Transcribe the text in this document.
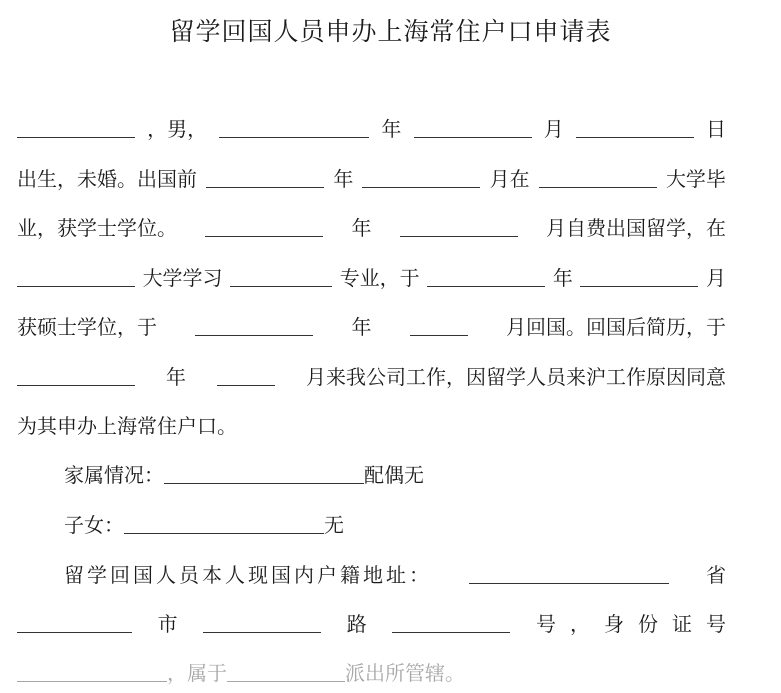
留学回国人员申办上海常住户口申请表
，男，	年	月	日
出生，未婚。出国前	年	月在	大学毕
业，获学士学位。	年	月自费出国留学，在
大学学习	专业，于	年	月
获硕士学位，于	年	月回国。回国后简历，于
年	月来我公司工作，因留学人员来沪工作原因同意
为其申办上海常住户口。
家属情况：	配偶无
子女：	无
留学回国人员本人现国内户籍地址：	省
市	路	号，身份证号
，属于	派出所管辖。
